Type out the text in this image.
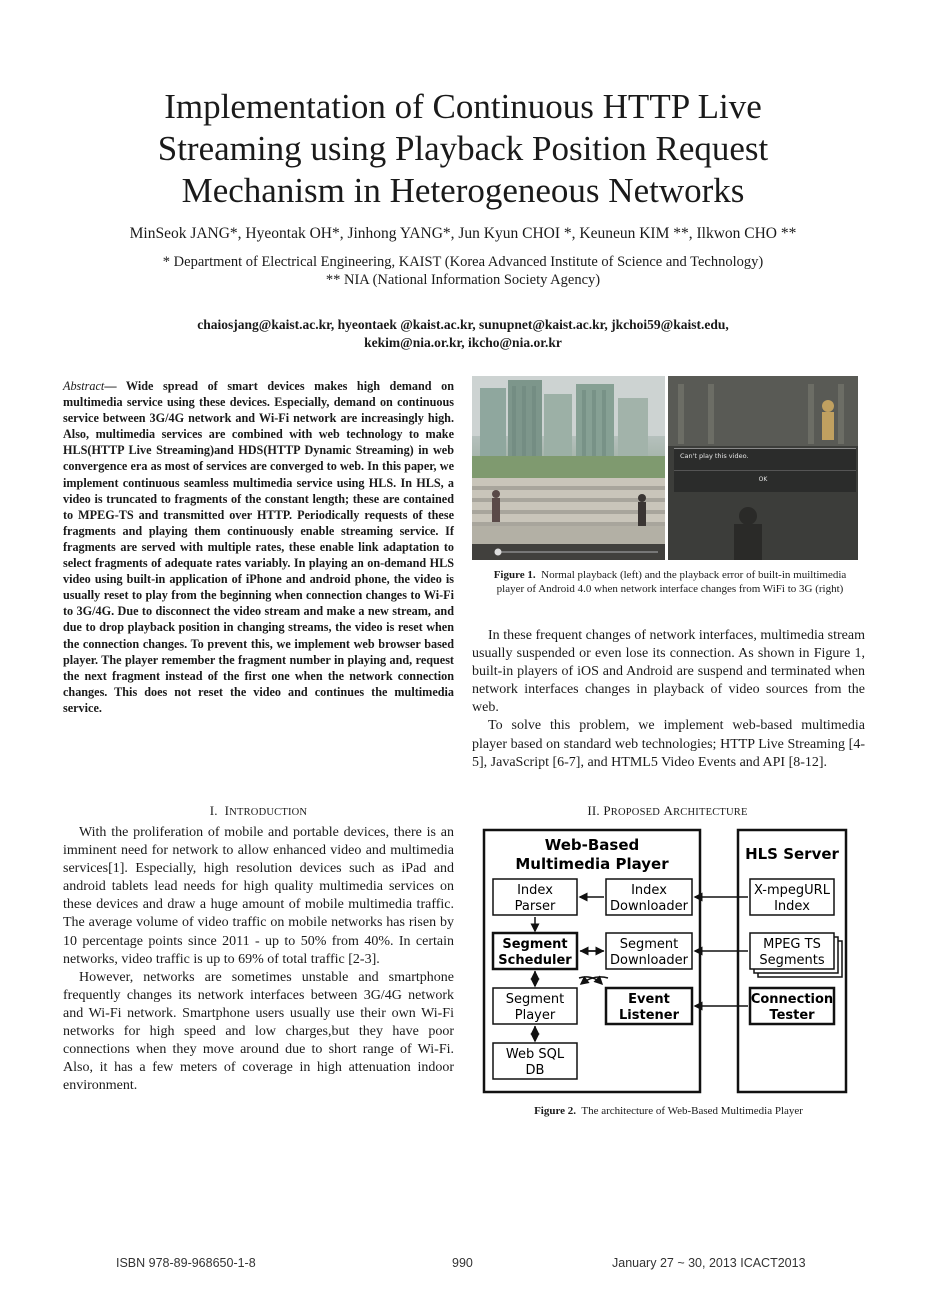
Implementation of Continuous HTTP Live
Streaming using Playback Position Request
Mechanism in Heterogeneous Networks
MinSeok JANG*, Hyeontak OH*, Jinhong YANG*, Jun Kyun CHOI *, Keuneun KIM **, Ilkwon CHO **
* Department of Electrical Engineering, KAIST (Korea Advanced Institute of Science and Technology)
** NIA (National Information Society Agency)
chaiosjang@kaist.ac.kr, hyeontaek @kaist.ac.kr, sunupnet@kaist.ac.kr, jkchoi59@kaist.edu,
kekim@nia.or.kr, ikcho@nia.or.kr
Abstract— Wide spread of smart devices makes high demand on multimedia service using these devices. Especially, demand on continuous service between 3G/4G network and Wi-Fi network are increasingly high. Also, multimedia services are combined with web technology to make HLS(HTTP Live Streaming)and HDS(HTTP Dynamic Streaming) in web convergence era as most of services are converged to web. In this paper, we implement continuous seamless multimedia service using HLS. In HLS, a video is truncated to fragments of the constant length; these are contained to MPEG-TS and transmitted over HTTP. Periodically requests of these fragments and playing them continuously enable streaming service. If fragments are served with multiple rates, these enable link adaptation to select fragments of adequate rates variably. In playing an on-demand HLS video using built-in application of iPhone and android phone, the video is usually reset to play from the beginning when connection changes to Wi-Fi to 3G/4G. Due to disconnect the video stream and make a new stream, and due to drop playback position in changing streams, the video is reset when the connection changes. To prevent this, we implement web browser based player. The player remember the fragment number in playing and, request the next fragment instead of the first one when the network connection changes. This does not reset the video and continues the multimedia service.
Can't play this video.
OK
Figure 1. Normal playback (left) and the playback error of built-in muiltimedia player of Android 4.0 when network interface changes from WiFi to 3G (right)

In these frequent changes of network interfaces, multimedia stream usually suspended or even lose its connection. As shown in Figure 1, built-in players of iOS and Android are suspend and terminated when network interfaces changes in playback of video sources from the web.

To solve this problem, we implement web-based multimedia player based on standard web technologies; HTTP Live Streaming [4-5], JavaScript [6-7], and HTML5 Video Events and API [8-12].

I. INTRODUCTION	II. PROPOSED ARCHITECTURE

With the proliferation of mobile and portable devices, there is an imminent need for network to allow enhanced video and multimedia services[1]. Especially, high resolution devices such as iPad and android tablets lead needs for high quality multimedia services on these devices and draw a huge amount of mobile multimedia traffic. The average volume of video traffic on mobile networks has risen by 10 percentage points since 2011 - up to 50% from 40%. In certain networks, video traffic is up to 69% of total traffic [2-3].

However, networks are sometimes unstable and smartphone frequently changes its network interfaces between 3G/4G network and Wi-Fi network. Smartphone users usually use their own Wi-Fi networks for high speed and low charges,but they have poor connections when they move around due to short range of Wi-Fi. Also, it has a few meters of coverage in high attenuation indoor environment.

Web-Based
Multimedia Player
HLS Server
Index
Parser
Index
Downloader
Segment
Scheduler
Segment
Downloader
Segment
Player
Event
Listener
Web SQL
DB
X-mpegURL
Index
MPEG TS
Segments
Connection
Tester
Figure 2. The architecture of Web-Based Multimedia Player
ISBN 978-89-968650-1-8	990	January 27 ~ 30, 2013 ICACT2013
